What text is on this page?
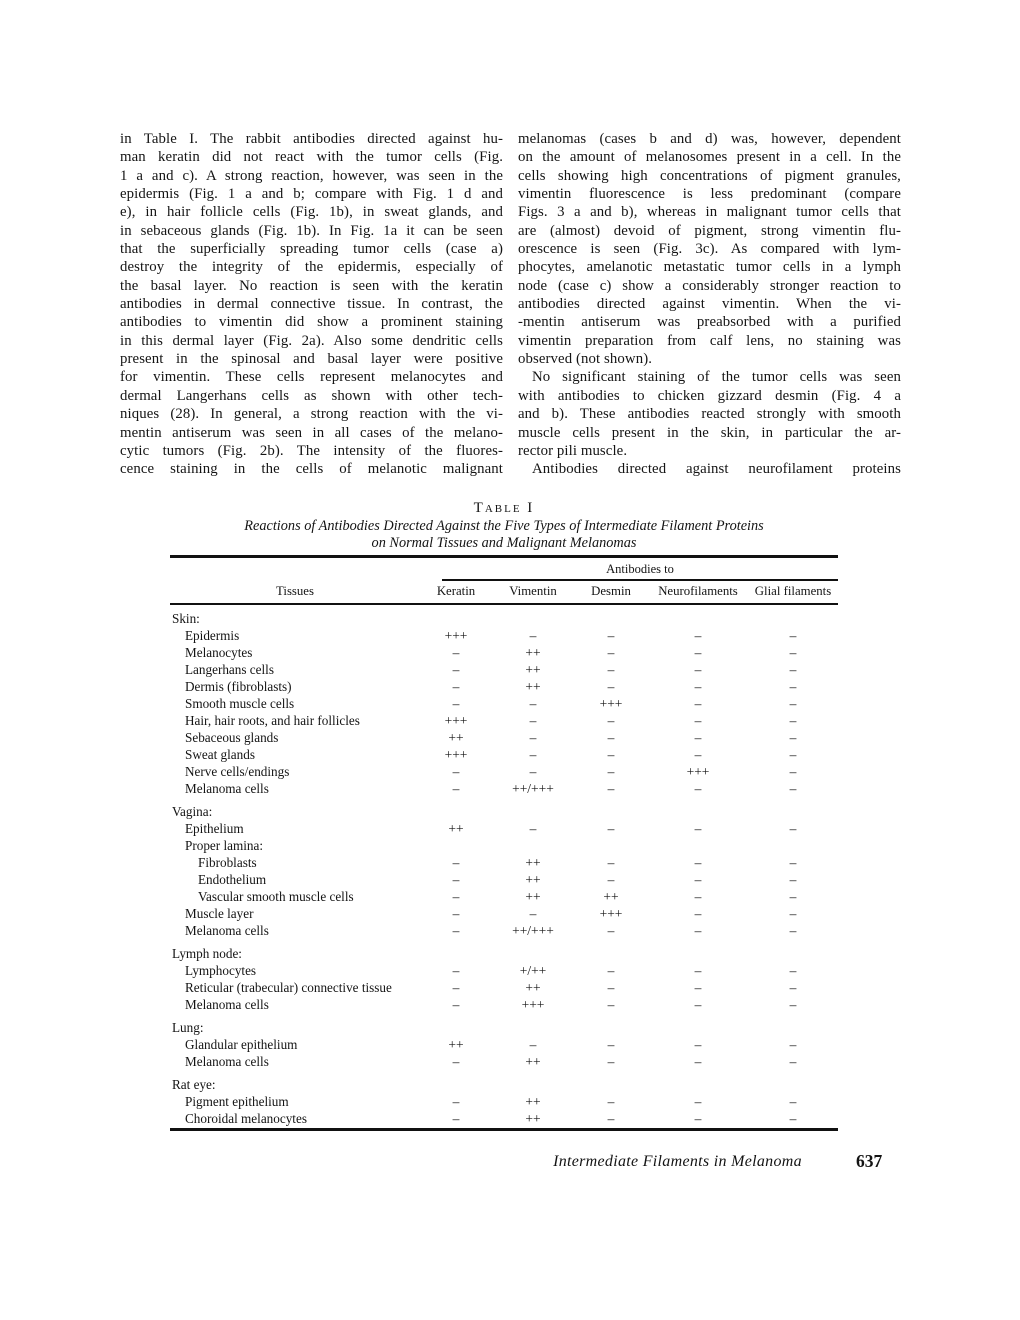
in Table I. The rabbit antibodies directed against hu-
man keratin did not react with the tumor cells (Fig.
1 a and c). A strong reaction, however, was seen in the
epidermis (Fig. 1 a and b; compare with Fig. 1 d and
e), in hair follicle cells (Fig. 1b), in sweat glands, and
in sebaceous glands (Fig. 1b). In Fig. 1a it can be seen
that the superficially spreading tumor cells (case a)
destroy the integrity of the epidermis, especially of
the basal layer. No reaction is seen with the keratin
antibodies in dermal connective tissue. In contrast, the
antibodies to vimentin did show a prominent staining
in this dermal layer (Fig. 2a). Also some dendritic cells
present in the spinosal and basal layer were positive
for vimentin. These cells represent melanocytes and
dermal Langerhans cells as shown with other tech-
niques (28). In general, a strong reaction with the vi-
mentin antiserum was seen in all cases of the melano-
cytic tumors (Fig. 2b). The intensity of the fluores-
cence staining in the cells of melanotic malignant
melanomas (cases b and d) was, however, dependent
on the amount of melanosomes present in a cell. In the
cells showing high concentrations of pigment granules,
vimentin fluorescence is less predominant (compare
Figs. 3 a and b), whereas in malignant tumor cells that
are (almost) devoid of pigment, strong vimentin flu-
orescence is seen (Fig. 3c). As compared with lym-
phocytes, amelanotic metastatic tumor cells in a lymph
node (case c) show a considerably stronger reaction to
antibodies directed against vimentin. When the vi-
-mentin antiserum was preabsorbed with a purified
vimentin preparation from calf lens, no staining was
observed (not shown).
No significant staining of the tumor cells was seen
with antibodies to chicken gizzard desmin (Fig. 4 a
and b). These antibodies reacted strongly with smooth
muscle cells present in the skin, in particular the ar-
rector pili muscle.
Antibodies directed against neurofilament proteins
Table I
Reactions of Antibodies Directed Against the Five Types of Intermediate Filament Proteins
on Normal Tissues and Malignant Melanomas
Antibodies to
Tissues	Keratin	Vimentin	Desmin	Neurofilaments	Glial filaments
Skin:
Epidermis	+++	–	–	–	–
Melanocytes	–	++	–	–	–
Langerhans cells	–	++	–	–	–
Dermis (fibroblasts)	–	++	–	–	–
Smooth muscle cells	–	–	+++	–	–
Hair, hair roots, and hair follicles	+++	–	–	–	–
Sebaceous glands	++	–	–	–	–
Sweat glands	+++	–	–	–	–
Nerve cells/endings	–	–	–	+++	–
Melanoma cells	–	++/+++	–	–	–
Vagina:
Epithelium	++	–	–	–	–
Proper lamina:
Fibroblasts	–	++	–	–	–
Endothelium	–	++	–	–	–
Vascular smooth muscle cells	–	++	++	–	–
Muscle layer	–	–	+++	–	–
Melanoma cells	–	++/+++	–	–	–
Lymph node:
Lymphocytes	–	+/++	–	–	–
Reticular (trabecular) connective tissue	–	++	–	–	–
Melanoma cells	–	+++	–	–	–
Lung:
Glandular epithelium	++	–	–	–	–
Melanoma cells	–	++	–	–	–
Rat eye:
Pigment epithelium	–	++	–	–	–
Choroidal melanocytes	–	++	–	–	–
Intermediate Filaments in Melanoma	637
